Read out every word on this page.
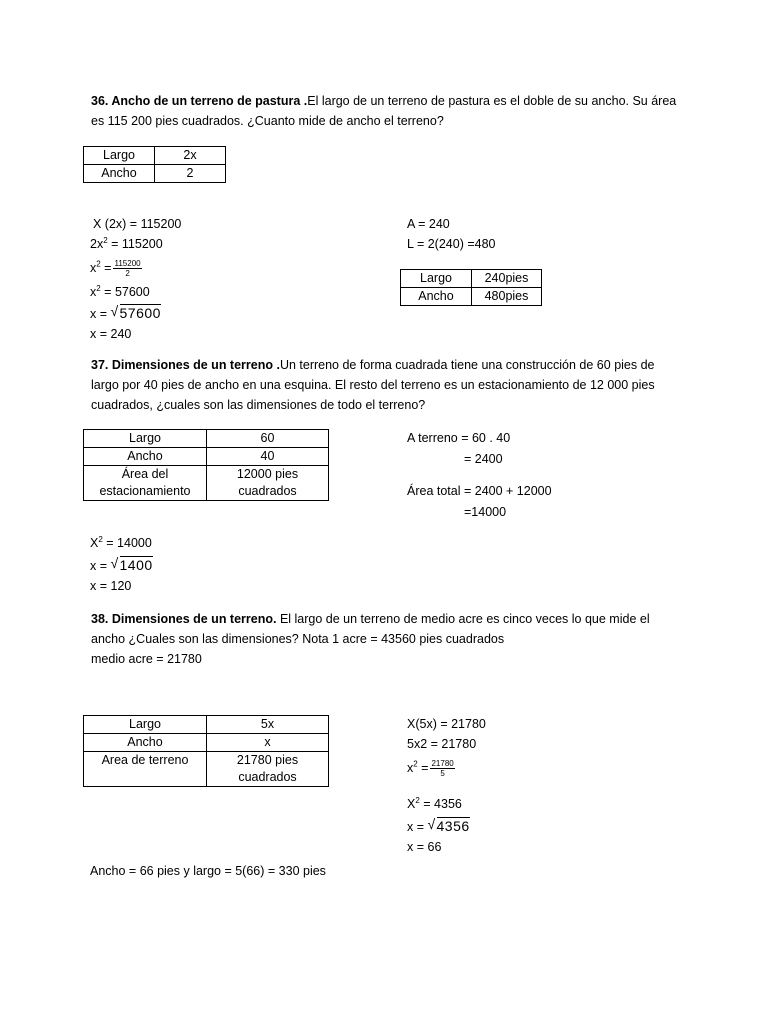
36. Ancho de un terreno de pastura .El largo de un terreno de pastura es el doble de su ancho. Su área
es 115 200 pies cuadrados. ¿Cuanto mide de ancho el terreno?
Largo	2x
Ancho	2
X (2x) = 115200
$2x^2 = 115200$
$x^2 = \frac{115200}{2}$
$x^2 = 57600$
x = √ 57600
x = 240
A = 240
L = 2(240) =480
Largo	240pies
Ancho	480pies
37. Dimensiones de un terreno .Un terreno de forma cuadrada tiene una construcción de 60 pies de
largo por 40 pies de ancho en una esquina. El resto del terreno es un estacionamiento de 12 000 pies
cuadrados, ¿cuales son las dimensiones de todo el terreno?
Largo	60
Ancho	40
Área del estacionamiento	12000 pies cuadrados
A terreno = 60 . 40
= 2400
Área total = 2400 + 12000
=14000
$X^2 = 14000$
x = √ 1400
x = 120
38. Dimensiones de un terreno. El largo de un terreno de medio acre es cinco veces lo que mide el
ancho ¿Cuales son las dimensiones? Nota 1 acre = 43560 pies cuadrados
medio acre = 21780
Largo	5x
Ancho	x
Area de terreno	21780 pies cuadrados
X(5x) = 21780
5x2 = 21780
$x^2 = \frac{21780}{5}$
$X^2 = 4356$
x = √ 4356
x = 66
Ancho = 66 pies y largo = 5(66) = 330 pies
